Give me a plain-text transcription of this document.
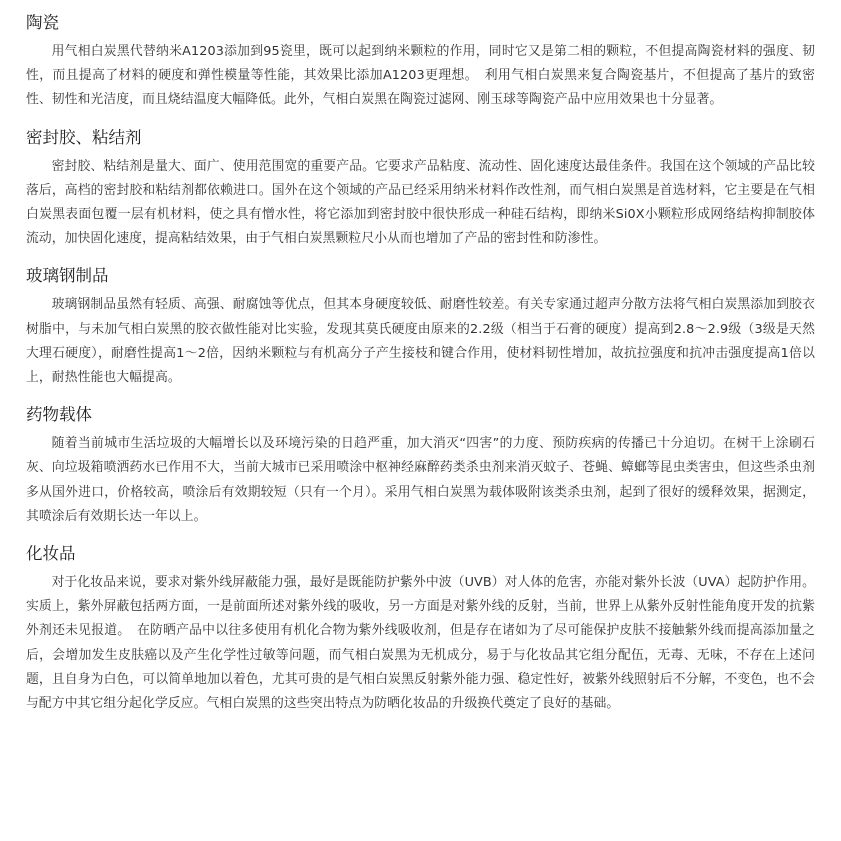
陶瓷

用气相白炭黑代替纳米A1203添加到95瓷里，既可以起到纳米颗粒的作用，同时它又是第二相的颗粒，不但提高陶瓷材料的强度、韧性，而且提高了材料的硬度和弹性模量等性能，其效果比添加A1203更理想。　利用气相白炭黑来复合陶瓷基片，不但提高了基片的致密性、韧性和光洁度，而且烧结温度大幅降低。此外，气相白炭黑在陶瓷过滤网、刚玉球等陶瓷产品中应用效果也十分显著。

密封胶、粘结剂

密封胶、粘结剂是量大、面广、使用范围宽的重要产品。它要求产品粘度、流动性、固化速度达最佳条件。我国在这个领域的产品比较落后，高档的密封胶和粘结剂都依赖进口。国外在这个领域的产品已经采用纳米材料作改性剂，而气相白炭黑是首选材料，它主要是在气相白炭黑表面包覆一层有机材料，使之具有憎水性，将它添加到密封胶中很快形成一种硅石结构，即纳米Si0X小颗粒形成网络结构抑制胶体流动，加快固化速度，提高粘结效果，由于气相白炭黑颗粒尺小从而也增加了产品的密封性和防渗性。

玻璃钢制品

玻璃钢制品虽然有轻质、高强、耐腐蚀等优点，但其本身硬度较低、耐磨性较差。有关专家通过超声分散方法将气相白炭黑添加到胶衣树脂中，与未加气相白炭黑的胶衣做性能对比实验，发现其莫氏硬度由原来的2.2级（相当于石膏的硬度）提高到2.8～2.9级（3级是天然大理石硬度），耐磨性提高1～2倍，因纳米颗粒与有机高分子产生接枝和键合作用，使材料韧性增加，故抗拉强度和抗冲击强度提高1倍以上，耐热性能也大幅提高。

药物载体

随着当前城市生活垃圾的大幅增长以及环境污染的日趋严重，加大消灭“四害”的力度、预防疾病的传播已十分迫切。在树干上涂刷石灰、向垃圾箱喷洒药水已作用不大，当前大城市已采用喷涂中枢神经麻醉药类杀虫剂来消灭蚊子、苍蝇、蟑螂等昆虫类害虫，但这些杀虫剂多从国外进口，价格较高，喷涂后有效期较短（只有一个月）。采用气相白炭黑为载体吸附该类杀虫剂，起到了很好的缓释效果，据测定，其喷涂后有效期长达一年以上。

化妆品

对于化妆品来说，要求对紫外线屏蔽能力强，最好是既能防护紫外中波（UVB）对人体的危害，亦能对紫外长波（UVA）起防护作用。实质上，紫外屏蔽包括两方面，一是前面所述对紫外线的吸收，另一方面是对紫外线的反射，当前，世界上从紫外反射性能角度开发的抗紫外剂还未见报道。　在防晒产品中以往多使用有机化合物为紫外线吸收剂，但是存在诸如为了尽可能保护皮肤不接触紫外线而提高添加量之后，会增加发生皮肤癌以及产生化学性过敏等问题，而气相白炭黑为无机成分，易于与化妆品其它组分配伍，无毒、无味，不存在上述问题，且自身为白色，可以简单地加以着色，尤其可贵的是气相白炭黑反射紫外能力强、稳定性好，被紫外线照射后不分解，不变色，也不会与配方中其它组分起化学反应。气相白炭黑的这些突出特点为防晒化妆品的升级换代奠定了良好的基础。
